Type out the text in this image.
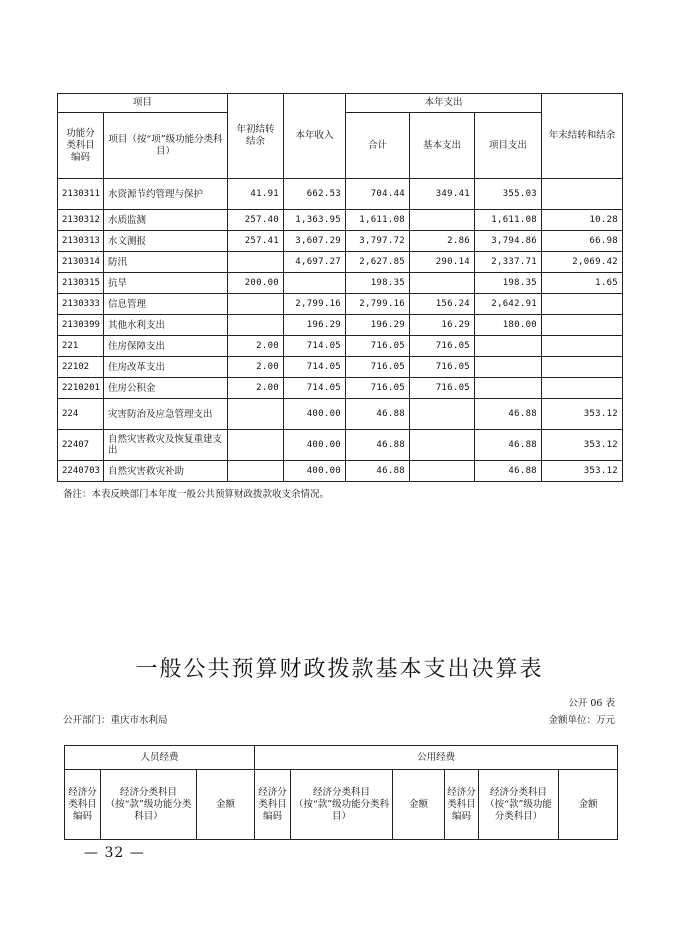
项目		年初结转结余	本年收入	本年支出			年末结转和结余
功能分类科目编码	项目（按“项”级功能分类科目）			合计	基本支出	项目支出	
2130311	水资源节约管理与保护	41.91	662.53	704.44	349.41	355.03	
2130312	水质监测	257.40	1,363.95	1,611.08		1,611.08	10.28
2130313	水文测报	257.41	3,607.29	3,797.72	2.86	3,794.86	66.98
2130314	防汛		4,697.27	2,627.85	290.14	2,337.71	2,069.42
2130315	抗旱	200.00		198.35		198.35	1.65
2130333	信息管理		2,799.16	2,799.16	156.24	2,642.91	
2130399	其他水利支出		196.29	196.29	16.29	180.00	
221	住房保障支出	2.00	714.05	716.05	716.05		
22102	住房改革支出	2.00	714.05	716.05	716.05		
2210201	住房公积金	2.00	714.05	716.05	716.05		
224	灾害防治及应急管理支出		400.00	46.88		46.88	353.12
22407	自然灾害救灾及恢复重建支出		400.00	46.88		46.88	353.12
2240703	自然灾害救灾补助		400.00	46.88		46.88	353.12
备注：本表反映部门本年度一般公共预算财政拨款收支余情况。
一般公共预算财政拨款基本支出决算表
公开 06 表
公开部门：重庆市水利局	金额单位：万元
人员经费			公用经费					
经济分类科目编码	经济分类科目（按“款”级功能分类科目）	金额	经济分类科目编码	经济分类科目（按“款”级功能分类科目）	金额	经济分类科目编码	经济分类科目（按“款”级功能分类科目）	金额
— 32 —
